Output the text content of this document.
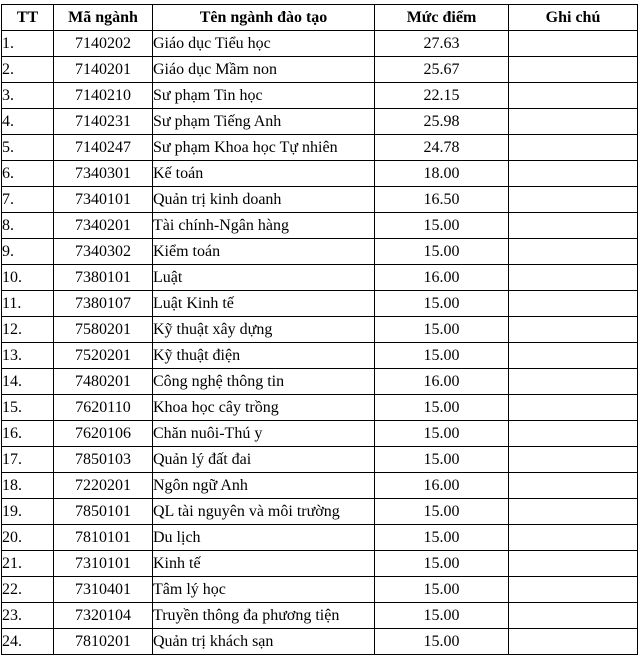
TT	Mã ngành	Tên ngành đào tạo	Mức điểm	Ghi chú
1.	7140202	Giáo dục Tiểu học	27.63	
2.	7140201	Giáo dục Mầm non	25.67	
3.	7140210	Sư phạm Tin học	22.15	
4.	7140231	Sư phạm Tiếng Anh	25.98	
5.	7140247	Sư phạm Khoa học Tự nhiên	24.78	
6.	7340301	Kế toán	18.00	
7.	7340101	Quản trị kinh doanh	16.50	
8.	7340201	Tài chính-Ngân hàng	15.00	
9.	7340302	Kiểm toán	15.00	
10.	7380101	Luật	16.00	
11.	7380107	Luật Kinh tế	15.00	
12.	7580201	Kỹ thuật xây dựng	15.00	
13.	7520201	Kỹ thuật điện	15.00	
14.	7480201	Công nghệ thông tin	16.00	
15.	7620110	Khoa học cây trồng	15.00	
16.	7620106	Chăn nuôi-Thú y	15.00	
17.	7850103	Quản lý đất đai	15.00	
18.	7220201	Ngôn ngữ Anh	16.00	
19.	7850101	QL tài nguyên và môi trường	15.00	
20.	7810101	Du lịch	15.00	
21.	7310101	Kinh tế	15.00	
22.	7310401	Tâm lý học	15.00	
23.	7320104	Truyền thông đa phương tiện	15.00	
24.	7810201	Quản trị khách sạn	15.00	
